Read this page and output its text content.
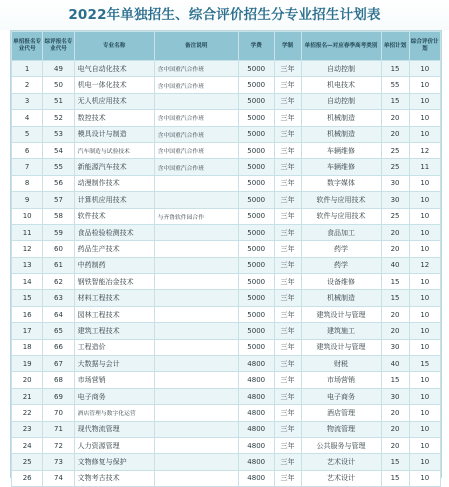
2022年单独招生、综合评价招生分专业招生计划表
单招报名专业代号	综评报名专业代号	专业名称	备注说明	学费	学制	单招报名—对应春季高考类别	单招计划	综合评价计划
1	49	电气自动化技术	含中国重汽合作班	5000	三年	自动控制	15	10
2	50	机电一体化技术	含中国重汽合作班	5000	三年	机电技术	55	10
3	51	无人机应用技术		5000	三年	自动控制	15	10
4	52	数控技术	含中国重汽合作班	5000	三年	机械制造	20	10
5	53	模具设计与制造	含中国重汽合作班	5000	三年	机械制造	20	10
6	54	汽车制造与试验技术	含中国重汽合作班	5000	三年	车辆维修	25	12
7	55	新能源汽车技术	含中国重汽合作班	5000	三年	车辆维修	25	11
8	56	动漫制作技术		5000	三年	数字媒体	30	10
9	57	计算机应用技术		5000	三年	软件与应用技术	30	10
10	58	软件技术	与齐鲁软件园合作	5000	三年	软件与应用技术	25	10
11	59	食品检验检测技术		5000	三年	食品加工	20	10
12	60	药品生产技术		5000	三年	药学	20	10
13	61	中药制药		5000	三年	药学	40	12
14	62	钢铁智能冶金技术		5000	三年	设备维修	15	10
15	63	材料工程技术		5000	三年	机械制造	15	10
16	64	园林工程技术		5000	三年	建筑设计与管理	20	10
17	65	建筑工程技术		5000	三年	建筑施工	20	10
18	66	工程造价		5000	三年	建筑设计与管理	30	10
19	67	大数据与会计		4800	三年	财税	40	15
20	68	市场营销		4800	三年	市场营销	15	10
21	69	电子商务		4800	三年	电子商务	30	10
22	70	酒店管理与数字化运营		4800	三年	酒店管理	20	10
23	71	现代物流管理		4800	三年	物流管理	20	10
24	72	人力资源管理		4800	三年	公共服务与管理	20	10
25	73	文物修复与保护		4800	三年	艺术设计	15	10
26	74	文物考古技术		4800	三年	艺术设计	15	10
